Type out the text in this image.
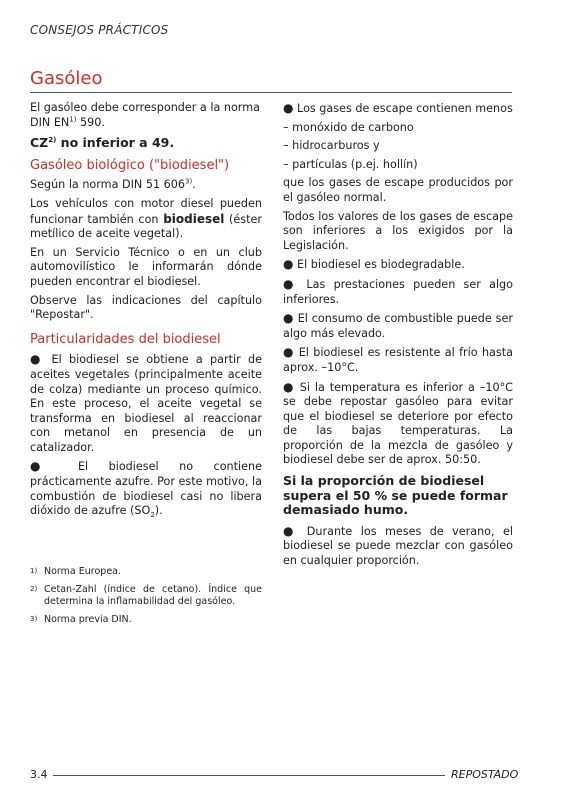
CONSEJOS PRÁCTICOS
Gasóleo

El gasóleo debe corresponder a la norma DIN EN$^{1)}$ 590.

CZ$^{2)}$ no inferior a 49.

Gasóleo biológico ("biodiesel")

Según la norma DIN 51 606$^{3)}$.

Los vehículos con motor diesel pueden funcionar también con biodiesel (éster metílico de aceite vegetal).

En un Servicio Técnico o en un club automovilístico le informarán dónde pueden encontrar el biodiesel.

Observe las indicaciones del capítulo "Repostar".

Particularidades del biodiesel

● El biodiesel se obtiene a partir de aceites vegetales (principalmente aceite de colza) mediante un proceso químico. En este proceso, el aceite vegetal se transforma en biodiesel al reaccionar con metanol en presencia de un catalizador.

● El biodiesel no contiene prácticamente azufre. Por este motivo, la combustión de biodiesel casi no libera dióxido de azufre $(SO_2)$.

● Los gases de escape contienen menos

– monóxido de carbono

– hidrocarburos y

– partículas (p.ej. hollín)

que los gases de escape producidos por el gasóleo normal.

Todos los valores de los gases de escape son inferiores a los exigidos por la Legislación.

● El biodiesel es biodegradable.

● Las prestaciones pueden ser algo inferiores.

● El consumo de combustible puede ser algo más elevado.

● El biodiesel es resistente al frío hasta aprox. –10°C.

● Si la temperatura es inferior a –10°C se debe repostar gasóleo para evitar que el biodiesel se deteriore por efecto de las bajas temperaturas. La proporción de la mezcla de gasóleo y biodiesel debe ser de aprox. 50:50.

Si la proporción de biodiesel supera el 50 % se puede formar demasiado humo.

● Durante los meses de verano, el biodiesel se puede mezclar con gasóleo en cualquier proporción.

1) Norma Europea.
2) Cetan-Zahl (índice de cetano). Índice que determina la inflamabilidad del gasóleo.
3) Norma previa DIN.
3.4	REPOSTADO
